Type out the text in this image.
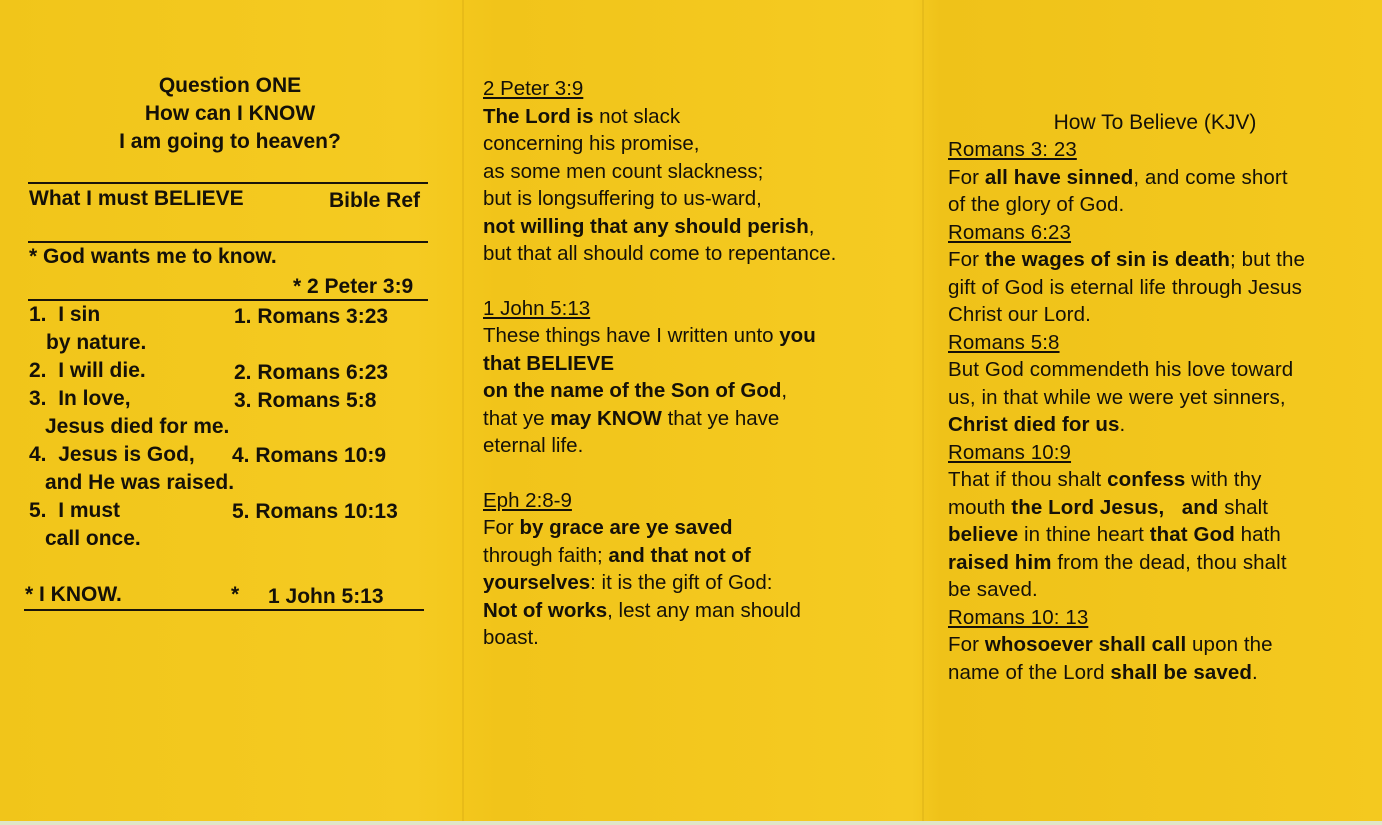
Question ONE
How can I KNOW
I am going to heaven?
What I must BELIEVE	Bible Ref
* God wants me to know.
* 2 Peter 3:9
1. I sin	1. Romans 3:23
by nature.
2. I will die.	2. Romans 6:23
3. In love,	3. Romans 5:8
Jesus died for me.
4. Jesus is God, 4. Romans 10:9
and He was raised.
5. I must	5. Romans 10:13
call once.
* I KNOW.	* 1 John 5:13
2 Peter 3:9
The Lord is not slack
concerning his promise,
as some men count slackness;
but is longsuffering to us-ward,
not willing that any should perish,
but that all should come to repentance.
1 John 5:13
These things have I written unto you
that BELIEVE
on the name of the Son of God,
that ye may KNOW that ye have
eternal life.
Eph 2:8-9
For by grace are ye saved
through faith; and that not of
yourselves: it is the gift of God:
Not of works, lest any man should
boast.
How To Believe (KJV)
Romans 3: 23
For all have sinned, and come short
of the glory of God.
Romans 6:23
For the wages of sin is death; but the
gift of God is eternal life through Jesus
Christ our Lord.
Romans 5:8
But God commendeth his love toward
us, in that while we were yet sinners,
Christ died for us.
Romans 10:9
That if thou shalt confess with thy
mouth the Lord Jesus, and shalt
believe in thine heart that God hath
raised him from the dead, thou shalt
be saved.
Romans 10: 13
For whosoever shall call upon the
name of the Lord shall be saved.
